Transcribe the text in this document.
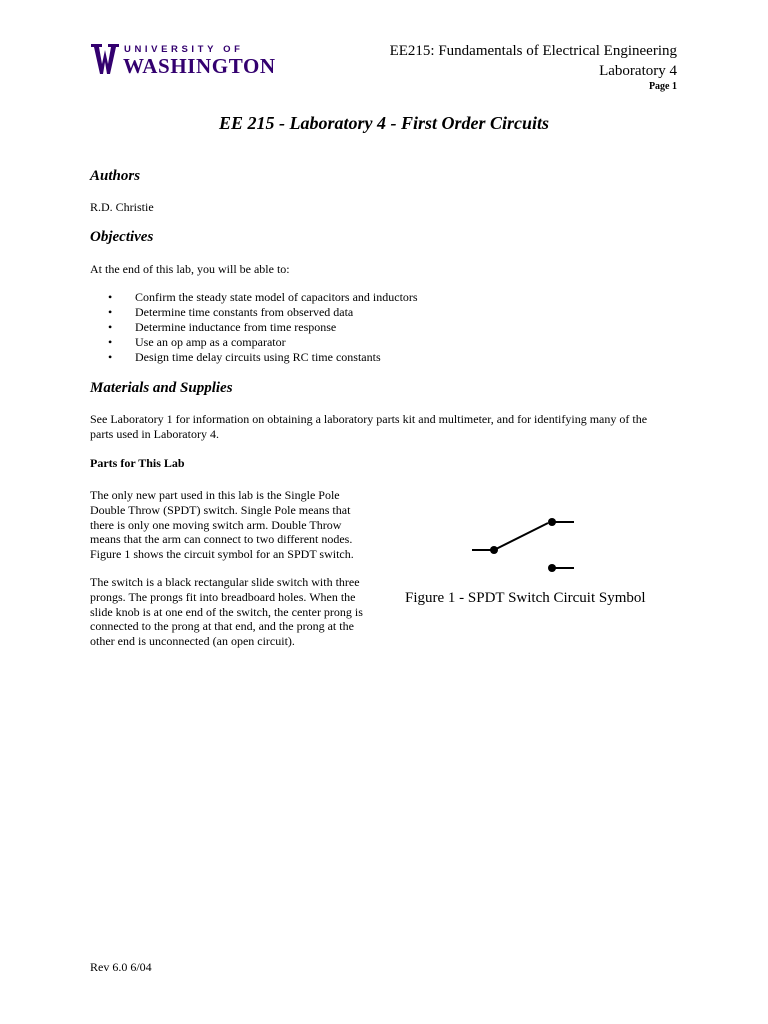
UNIVERSITY OF
WASHINGTON
EE215: Fundamentals of Electrical Engineering
Laboratory 4
Page 1
EE 215 - Laboratory 4 - First Order Circuits
Authors
R.D. Christie
Objectives
At the end of this lab, you will be able to:
• Confirm the steady state model of capacitors and inductors
• Determine time constants from observed data
• Determine inductance from time response
• Use an op amp as a comparator
• Design time delay circuits using RC time constants
Materials and Supplies
See Laboratory 1 for information on obtaining a laboratory parts kit and multimeter, and for identifying many of the
parts used in Laboratory 4.
Parts for This Lab
The only new part used in this lab is the Single Pole
Double Throw (SPDT) switch. Single Pole means that
there is only one moving switch arm. Double Throw
means that the arm can connect to two different nodes.
Figure 1 shows the circuit symbol for an SPDT switch.
The switch is a black rectangular slide switch with three
prongs. The prongs fit into breadboard holes. When the
slide knob is at one end of the switch, the center prong is
connected to the prong at that end, and the prong at the
other end is unconnected (an open circuit).
Figure 1 - SPDT Switch Circuit Symbol
Rev 6.0 6/04
